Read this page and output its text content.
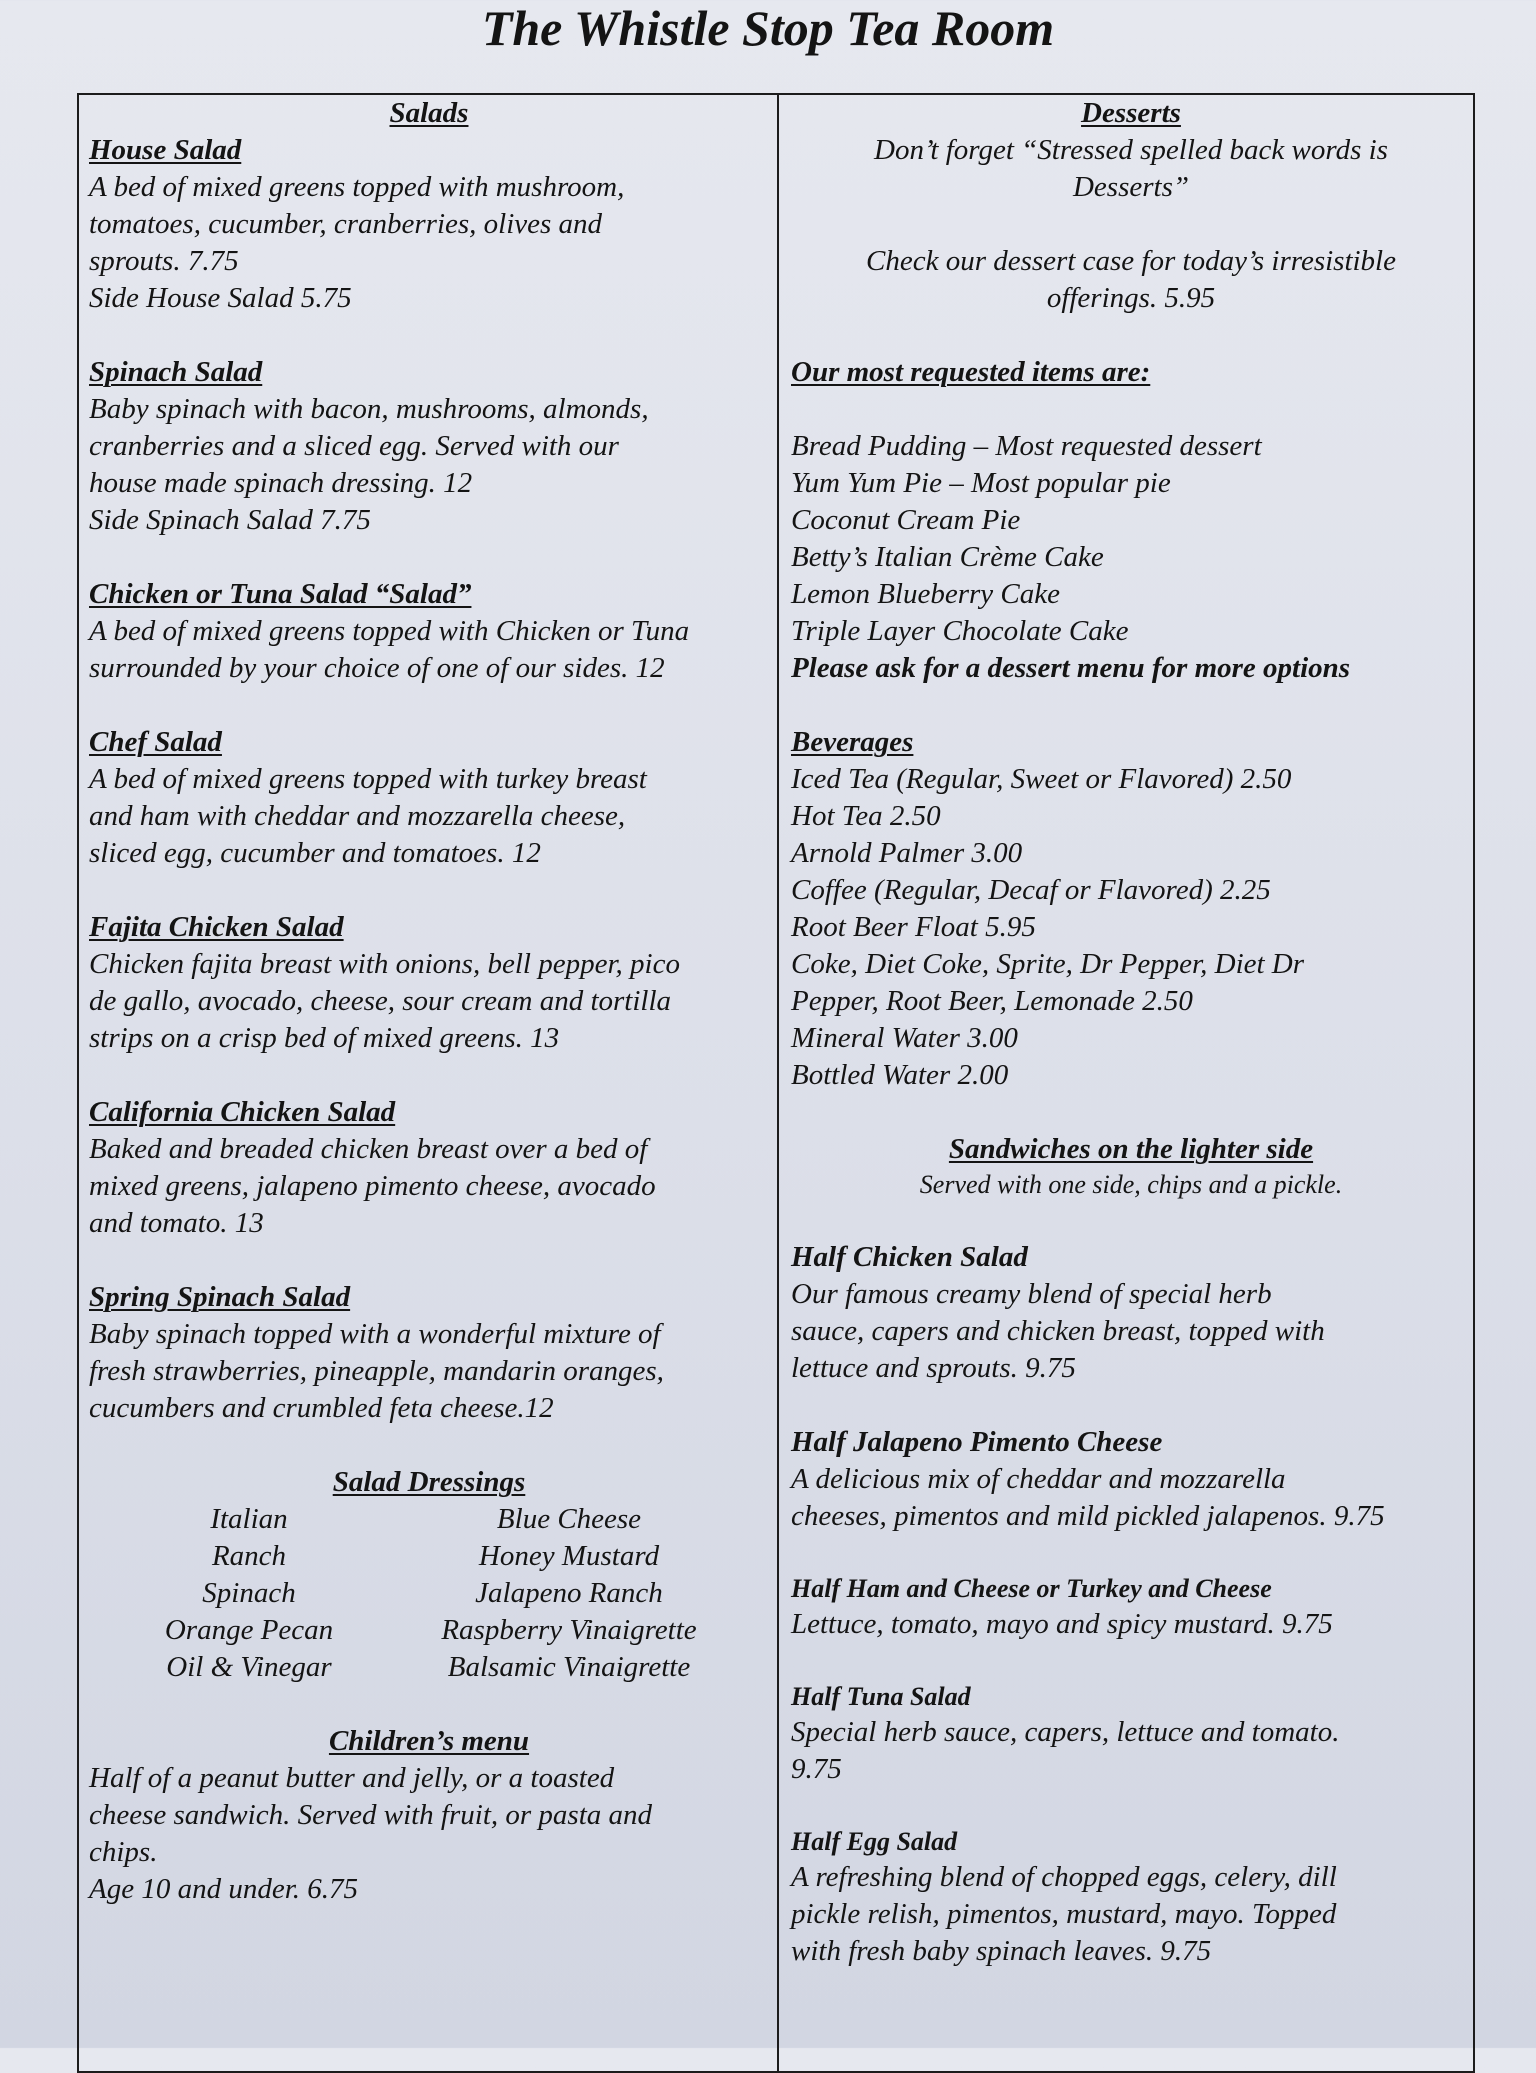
The Whistle Stop Tea Room
Salads
House Salad
A bed of mixed greens topped with mushroom,
tomatoes, cucumber, cranberries, olives and
sprouts. 7.75
Side House Salad 5.75
Spinach Salad
Baby spinach with bacon, mushrooms, almonds,
cranberries and a sliced egg. Served with our
house made spinach dressing. 12
Side Spinach Salad 7.75
Chicken or Tuna Salad “Salad”
A bed of mixed greens topped with Chicken or Tuna
surrounded by your choice of one of our sides. 12
Chef Salad
A bed of mixed greens topped with turkey breast
and ham with cheddar and mozzarella cheese,
sliced egg, cucumber and tomatoes. 12
Fajita Chicken Salad
Chicken fajita breast with onions, bell pepper, pico
de gallo, avocado, cheese, sour cream and tortilla
strips on a crisp bed of mixed greens. 13
California Chicken Salad
Baked and breaded chicken breast over a bed of
mixed greens, jalapeno pimento cheese, avocado
and tomato. 13
Spring Spinach Salad
Baby spinach topped with a wonderful mixture of
fresh strawberries, pineapple, mandarin oranges,
cucumbers and crumbled feta cheese.12
Salad Dressings
Italian	Blue Cheese
Ranch	Honey Mustard
Spinach	Jalapeno Ranch
Orange Pecan	Raspberry Vinaigrette
Oil & Vinegar	Balsamic Vinaigrette
Children’s menu
Half of a peanut butter and jelly, or a toasted
cheese sandwich. Served with fruit, or pasta and
chips.
Age 10 and under. 6.75
Desserts
Don’t forget “Stressed spelled back words is
Desserts”
Check our dessert case for today’s irresistible
offerings. 5.95
Our most requested items are:
Bread Pudding – Most requested dessert
Yum Yum Pie – Most popular pie
Coconut Cream Pie
Betty’s Italian Crème Cake
Lemon Blueberry Cake
Triple Layer Chocolate Cake
Please ask for a dessert menu for more options
Beverages
Iced Tea (Regular, Sweet or Flavored) 2.50
Hot Tea 2.50
Arnold Palmer 3.00
Coffee (Regular, Decaf or Flavored) 2.25
Root Beer Float 5.95
Coke, Diet Coke, Sprite, Dr Pepper, Diet Dr
Pepper, Root Beer, Lemonade 2.50
Mineral Water 3.00
Bottled Water 2.00
Sandwiches on the lighter side
Served with one side, chips and a pickle.
Half Chicken Salad
Our famous creamy blend of special herb
sauce, capers and chicken breast, topped with
lettuce and sprouts. 9.75
Half Jalapeno Pimento Cheese
A delicious mix of cheddar and mozzarella
cheeses, pimentos and mild pickled jalapenos. 9.75
Half Ham and Cheese or Turkey and Cheese
Lettuce, tomato, mayo and spicy mustard. 9.75
Half Tuna Salad
Special herb sauce, capers, lettuce and tomato.
9.75
Half Egg Salad
A refreshing blend of chopped eggs, celery, dill
pickle relish, pimentos, mustard, mayo. Topped
with fresh baby spinach leaves. 9.75
